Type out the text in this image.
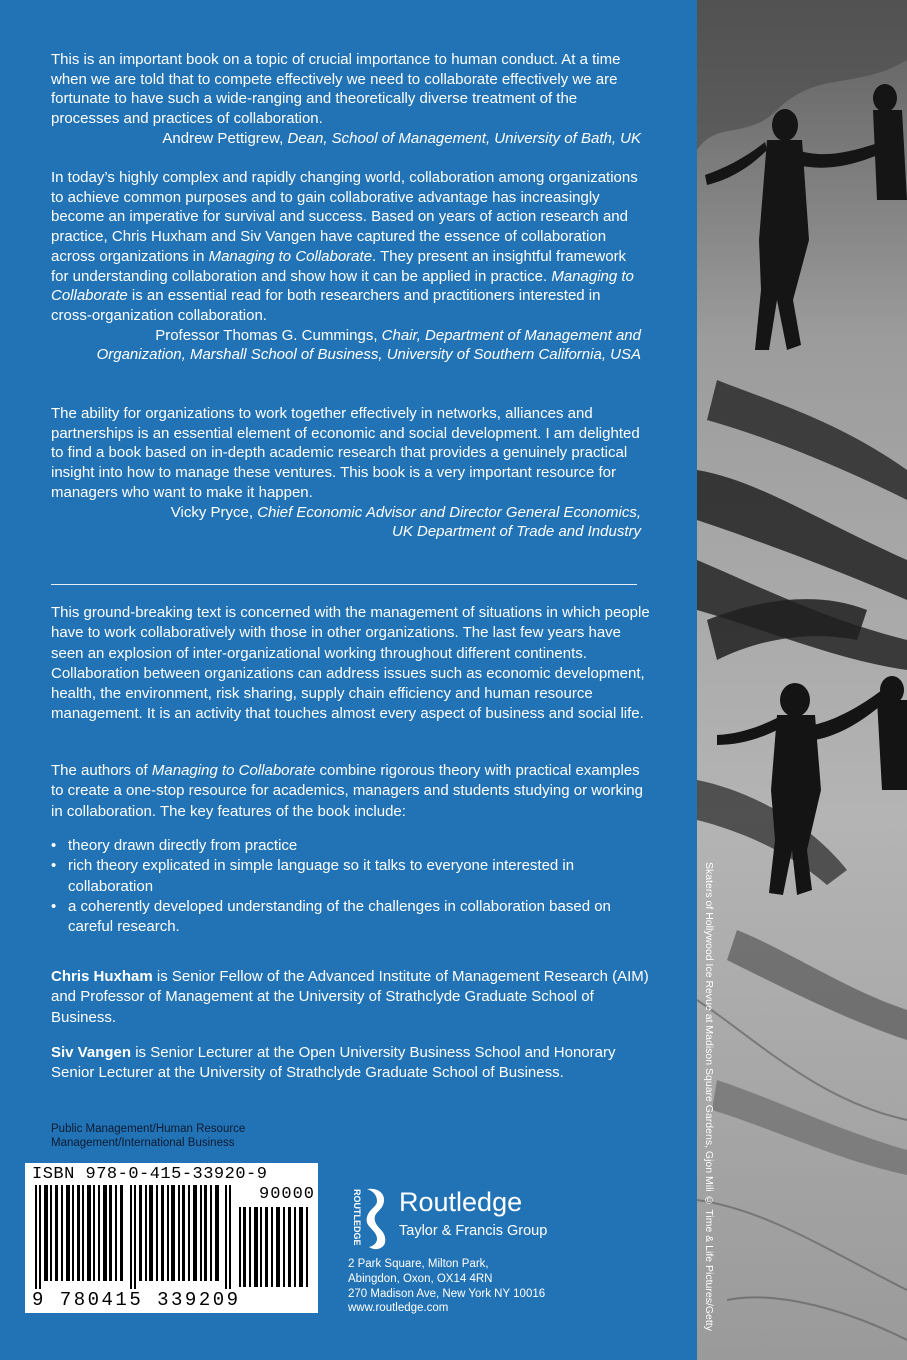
Skaters of Hollywood Ice Revue at Madison Square Gardens, Gjon Mili © Time & Life Pictures/Getty
This is an important book on a topic of crucial importance to human conduct. At a time when we are told that to compete effectively we need to collaborate effectively we are fortunate to have such a wide-ranging and theoretically diverse treatment of the processes and practices of collaboration.
Andrew Pettigrew, Dean, School of Management, University of Bath, UK
In today’s highly complex and rapidly changing world, collaboration among organizations to achieve common purposes and to gain collaborative advantage has increasingly become an imperative for survival and success. Based on years of action research and practice, Chris Huxham and Siv Vangen have captured the essence of collaboration across organizations in Managing to Collaborate. They present an insightful framework for understanding collaboration and show how it can be applied in practice. Managing to Collaborate is an essential read for both researchers and practitioners interested in cross-organization collaboration.
Professor Thomas G. Cummings, Chair, Department of Management and
Organization, Marshall School of Business, University of Southern California, USA
The ability for organizations to work together effectively in networks, alliances and partnerships is an essential element of economic and social development. I am delighted to find a book based on in-depth academic research that provides a genuinely practical insight into how to manage these ventures. This book is a very important resource for managers who want to make it happen.
Vicky Pryce, Chief Economic Advisor and Director General Economics,
UK Department of Trade and Industry

This ground-breaking text is concerned with the management of situations in which people have to work collaboratively with those in other organizations. The last few years have seen an explosion of inter-organizational working throughout different continents. Collaboration between organizations can address issues such as economic development, health, the environment, risk sharing, supply chain efficiency and human resource management. It is an activity that touches almost every aspect of business and social life.

The authors of Managing to Collaborate combine rigorous theory with practical examples to create a one-stop resource for academics, managers and students studying or working in collaboration. The key features of the book include:

• theory drawn directly from practice
• rich theory explicated in simple language so it talks to everyone interested in collaboration
• a coherently developed understanding of the challenges in collaboration based on careful research.

Chris Huxham is Senior Fellow of the Advanced Institute of Management Research (AIM) and Professor of Management at the University of Strathclyde Graduate School of Business.

Siv Vangen is Senior Lecturer at the Open University Business School and Honorary Senior Lecturer at the University of Strathclyde Graduate School of Business.

Public Management/Human Resource Management/International Business
ISBN 978-0-415-33920-9
90000
9 780415 339209
ROUTLEDGE Routledge
Taylor & Francis Group
2 Park Square, Milton Park,
Abingdon, Oxon, OX14 4RN
270 Madison Ave, New York NY 10016
www.routledge.com
